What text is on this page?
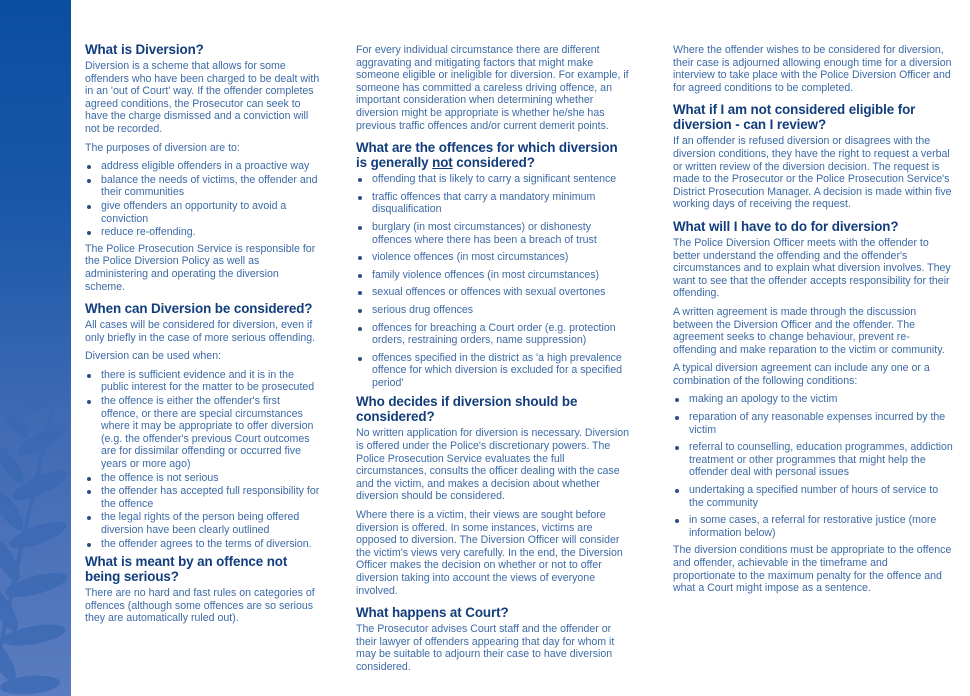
What is Diversion?

Diversion is a scheme that allows for some offenders who have been charged to be dealt with in an 'out of Court' way. If the offender completes agreed conditions, the Prosecutor can seek to have the charge dismissed and a conviction will not be recorded.

The purposes of diversion are to:

address eligible offenders in a proactive way
balance the needs of victims, the offender and their communities
give offenders an opportunity to avoid a conviction
reduce re-offending.

The Police Prosecution Service is responsible for the Police Diversion Policy as well as administering and operating the diversion scheme.

When can Diversion be considered?

All cases will be considered for diversion, even if only briefly in the case of more serious offending.

Diversion can be used when:

there is sufficient evidence and it is in the public interest for the matter to be prosecuted
the offence is either the offender's first offence, or there are special circumstances where it may be appropriate to offer diversion (e.g. the offender's previous Court outcomes are for dissimilar offending or occurred five years or more ago)
the offence is not serious
the offender has accepted full responsibility for the offence
the legal rights of the person being offered diversion have been clearly outlined
the offender agrees to the terms of diversion.
What is meant by an offence not being serious?

There are no hard and fast rules on categories of offences (although some offences are so serious they are automatically ruled out).

For every individual circumstance there are different aggravating and mitigating factors that might make someone eligible or ineligible for diversion. For example, if someone has committed a careless driving offence, an important consideration when determining whether diversion might be appropriate is whether he/she has previous traffic offences and/or current demerit points.

What are the offences for which diversion is generally not considered?
offending that is likely to carry a significant sentence
traffic offences that carry a mandatory minimum disqualification
burglary (in most circumstances) or dishonesty offences where there has been a breach of trust
violence offences (in most circumstances)
family violence offences (in most circumstances)
sexual offences or offences with sexual overtones
serious drug offences
offences for breaching a Court order (e.g. protection orders, restraining orders, name suppression)
offences specified in the district as 'a high prevalence offence for which diversion is excluded for a specified period'
Who decides if diversion should be considered?

No written application for diversion is necessary. Diversion is offered under the Police's discretionary powers. The Police Prosecution Service evaluates the full circumstances, consults the officer dealing with the case and the victim, and makes a decision about whether diversion should be considered.

Where there is a victim, their views are sought before diversion is offered. In some instances, victims are opposed to diversion. The Diversion Officer will consider the victim's views very carefully. In the end, the Diversion Officer makes the decision on whether or not to offer diversion taking into account the views of everyone involved.

What happens at Court?

The Prosecutor advises Court staff and the offender or their lawyer of offenders appearing that day for whom it may be suitable to adjourn their case to have diversion considered.

Where the offender wishes to be considered for diversion, their case is adjourned allowing enough time for a diversion interview to take place with the Police Diversion Officer and for agreed conditions to be completed.

What if I am not considered eligible for diversion - can I review?

If an offender is refused diversion or disagrees with the diversion conditions, they have the right to request a verbal or written review of the diversion decision. The request is made to the Prosecutor or the Police Prosecution Service's District Prosecution Manager. A decision is made within five working days of receiving the request.

What will I have to do for diversion?

The Police Diversion Officer meets with the offender to better understand the offending and the offender's circumstances and to explain what diversion involves. They want to see that the offender accepts responsibility for their offending.

A written agreement is made through the discussion between the Diversion Officer and the offender. The agreement seeks to change behaviour, prevent re-offending and make reparation to the victim or community.

A typical diversion agreement can include any one or a combination of the following conditions:

making an apology to the victim
reparation of any reasonable expenses incurred by the victim
referral to counselling, education programmes, addiction treatment or other programmes that might help the offender deal with personal issues
undertaking a specified number of hours of service to the community
in some cases, a referral for restorative justice (more information below)

The diversion conditions must be appropriate to the offence and offender, achievable in the timeframe and proportionate to the maximum penalty for the offence and what a Court might impose as a sentence.
